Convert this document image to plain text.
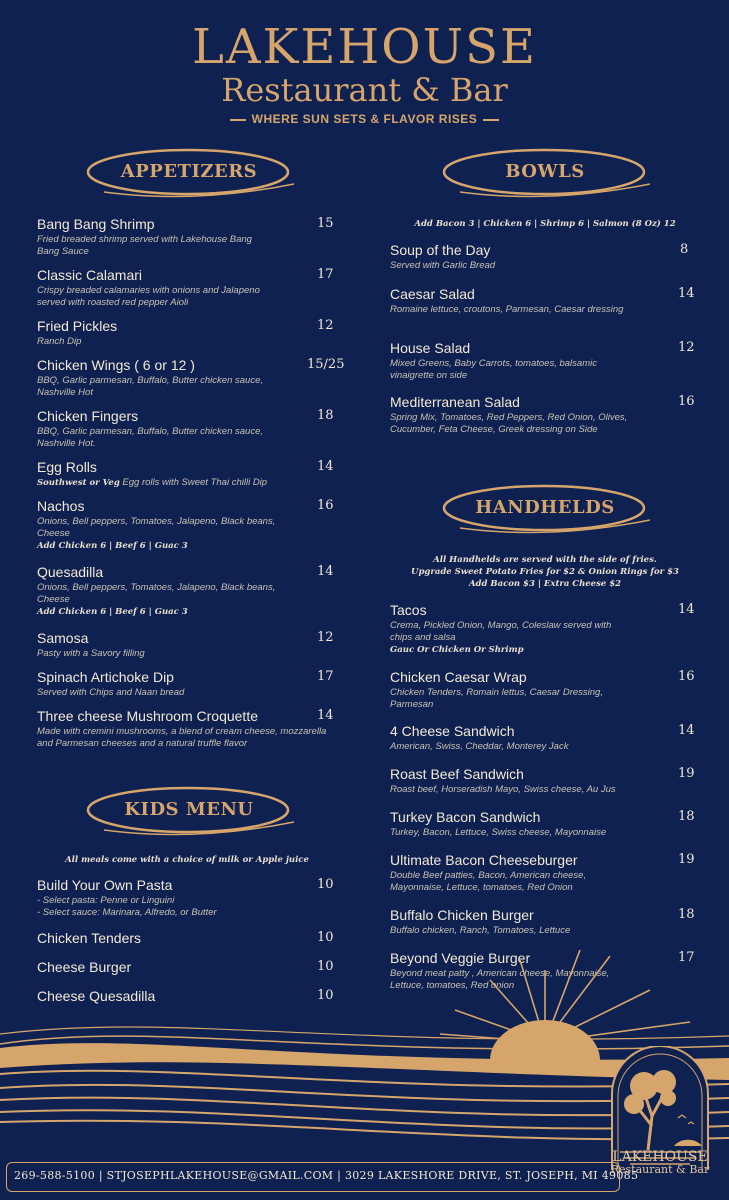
LAKEHOUSE
Restaurant & Bar
WHERE SUN SETS & FLAVOR RISES
APPETIZERS	BOWLS
HANDHELDS
KIDS MENU
Bang Bang Shrimp	15
Fried breaded shrimp served with Lakehouse Bang Bang Sauce
Classic Calamari	17
Crispy breaded calamaries with onions and Jalapeno served with roasted red pepper Aioli
Fried Pickles	12
Ranch Dip
Chicken Wings ( 6 or 12 )	15/25
BBQ, Garlic parmesan, Buffalo, Butter chicken sauce, Nashville Hot
Chicken Fingers	18
BBQ, Garlic parmesan, Buffalo, Butter chicken sauce, Nashville Hot.
Egg Rolls	14
Southwest or Veg Egg rolls with Sweet Thai chilli Dip
Nachos	16
Onions, Bell peppers, Tomatoes, Jalapeno, Black beans, Cheese
Add Chicken 6 | Beef 6 | Guac 3
Quesadilla	14
Onions, Bell peppers, Tomatoes, Jalapeno, Black beans, Cheese
Add Chicken 6 | Beef 6 | Guac 3
Samosa	12
Pasty with a Savory filling
Spinach Artichoke Dip	17
Served with Chips and Naan bread
Three cheese Mushroom Croquette	14
Made with cremini mushrooms, a blend of cream cheese, mozzarella and Parmesan cheeses and a natural truffle flavor
All meals come with a choice of milk or Apple juice
Build Your Own Pasta	10
- Select pasta: Penne or Linguini
- Select sauce: Marinara, Alfredo, or Butter
Chicken Tenders	10
Cheese Burger	10
Cheese Quesadilla	10
Add Bacon 3 | Chicken 6 | Shrimp 6 | Salmon (8 Oz) 12
Soup of the Day	8
Served with Garlic Bread
Caesar Salad	14
Romaine lettuce, croutons, Parmesan, Caesar dressing
House Salad	12
Mixed Greens, Baby Carrots, tomatoes, balsamic vinaigrette on side
Mediterranean Salad	16
Spring Mix, Tomatoes, Red Peppers, Red Onion, Olives, Cucumber, Feta Cheese, Greek dressing on Side
All Handhelds are served with the side of fries.
Upgrade Sweet Potato Fries for $2 & Onion Rings for $3
Add Bacon $3 | Extra Cheese $2
Tacos	14
Crema, Pickled Onion, Mango, Coleslaw served with chips and salsa
Gauc Or Chicken Or Shrimp
Chicken Caesar Wrap	16
Chicken Tenders, Romain lettus, Caesar Dressing, Parmesan
4 Cheese Sandwich	14
American, Swiss, Cheddar, Monterey Jack
Roast Beef Sandwich	19
Roast beef, Horseradish Mayo, Swiss cheese, Au Jus
Turkey Bacon Sandwich	18
Turkey, Bacon, Lettuce, Swiss cheese, Mayonnaise
Ultimate Bacon Cheeseburger	19
Double Beef patties, Bacon, American cheese, Mayonnaise, Lettuce, tomatoes, Red Onion
Buffalo Chicken Burger	18
Buffalo chicken, Ranch, Tomatoes, Lettuce
Beyond Veggie Burger	17
Beyond meat patty , American cheese, Mayonnaise, Lettuce, tomatoes, Red onion
LAKEHOUSE
Restaurant & Bar
269-588-5100 | STJOSEPHLAKEHOUSE@GMAIL.COM | 3029 LAKESHORE DRIVE, ST. JOSEPH, MI 49085
